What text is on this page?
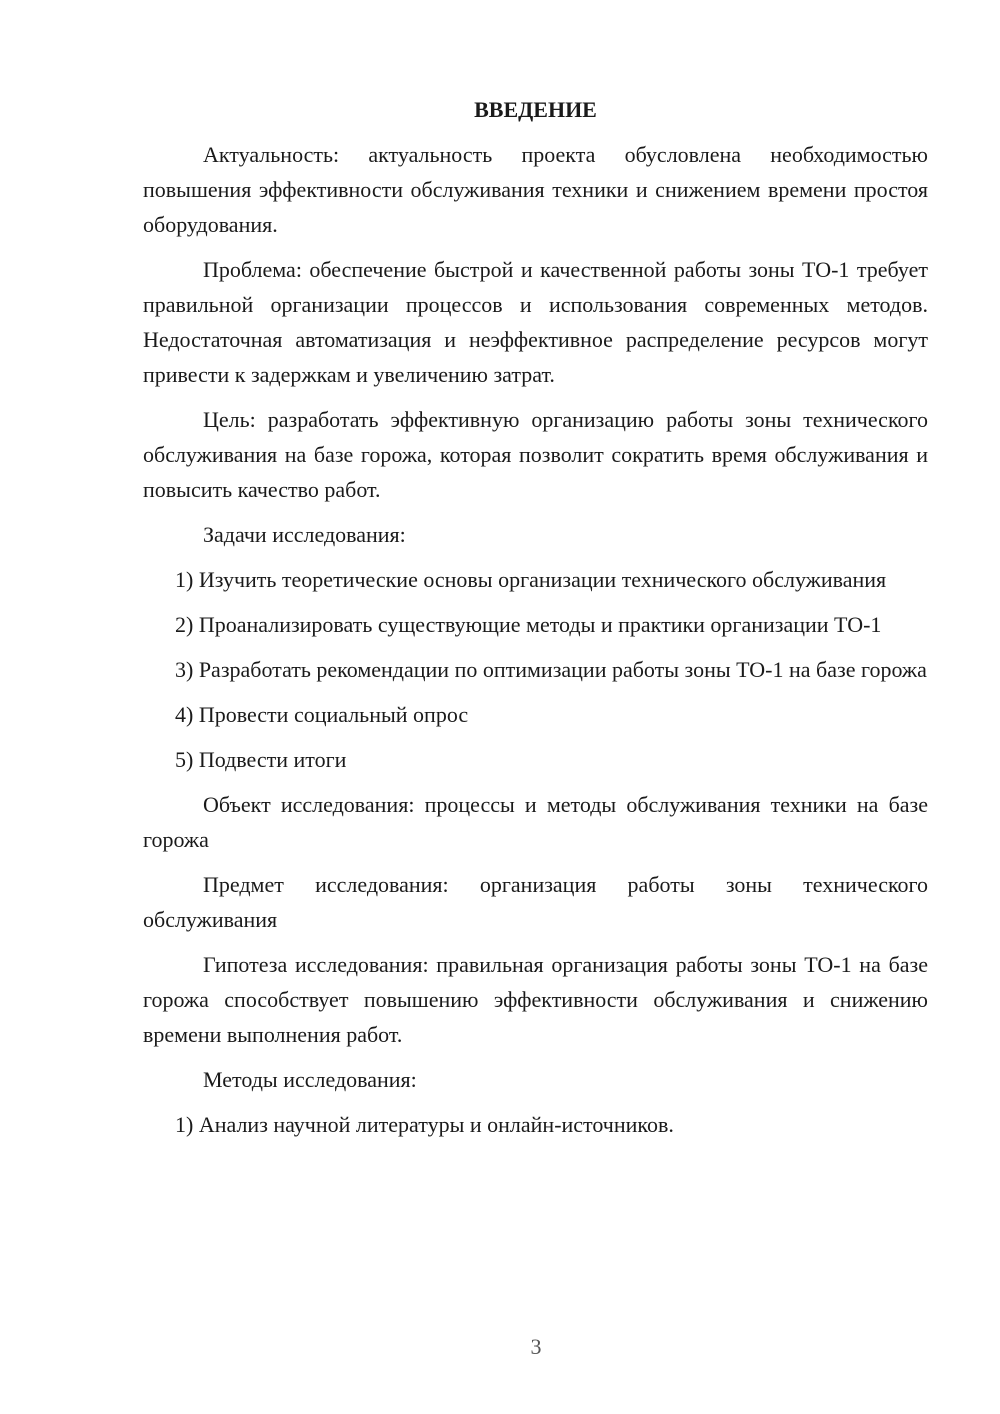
ВВЕДЕНИЕ

Актуальность: актуальность проекта обусловлена необходимостью повышения эффективности обслуживания техники и снижением времени простоя оборудования.

Проблема: обеспечение быстрой и качественной работы зоны ТО-1 требует правильной организации процессов и использования современных методов. Недостаточная автоматизация и неэффективное распределение ресурсов могут привести к задержкам и увеличению затрат.

Цель: разработать эффективную организацию работы зоны технического обслуживания на базе горожа, которая позволит сократить время обслуживания и повысить качество работ.

Задачи исследования:

1) Изучить теоретические основы организации технического обслуживания

2) Проанализировать существующие методы и практики организации ТО-1

3) Разработать рекомендации по оптимизации работы зоны ТО-1 на базе горожа

4) Провести социальный опрос

5) Подвести итоги

Объект исследования: процессы и методы обслуживания техники на базе горожа

Предмет исследования: организация работы зоны технического обслуживания

Гипотеза исследования: правильная организация работы зоны ТО-1 на базе горожа способствует повышению эффективности обслуживания и снижению времени выполнения работ.

Методы исследования:

1) Анализ научной литературы и онлайн-источников.

3
